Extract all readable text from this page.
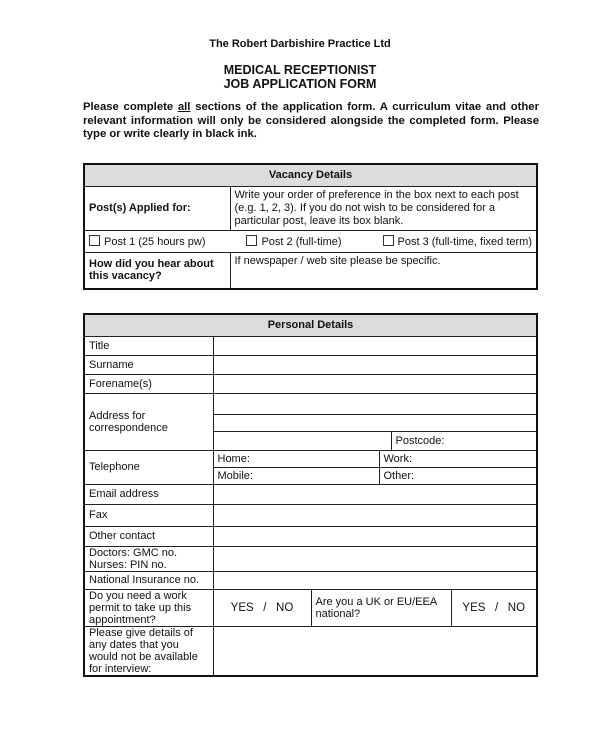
The Robert Darbishire Practice Ltd
MEDICAL RECEPTIONIST
JOB APPLICATION FORM
Please complete all sections of the application form. A curriculum vitae and other relevant information will only be considered alongside the completed form. Please type or write clearly in black ink.
Vacancy Details	
Post(s) Applied for:	Write your order of preference in the box next to each post (e.g. 1, 2, 3). If you do not wish to be considered for a particular post, leave its box blank.

Post 1 (25 hours pw) Post 2 (full-time) Post 3 (full-time, fixed term)	

How did you hear about this vacancy?	If newspaper / web site please be specific.
Personal Details					
Title					
Surname					
Forename(s)					
Address for correspondence					

				Postcode:	
Telephone	Home:		Work:		
	Mobile:		Other:		
Email address					
Fax					
Other contact					

Doctors: GMC no.
Nurses: PIN no.					

National Insurance no.					
Do you need a work permit to take up this appointment?	YES   /   NO	Are you a UK or EU/EEA national?			YES   /   NO
Please give details of any dates that you would not be available for interview:					
